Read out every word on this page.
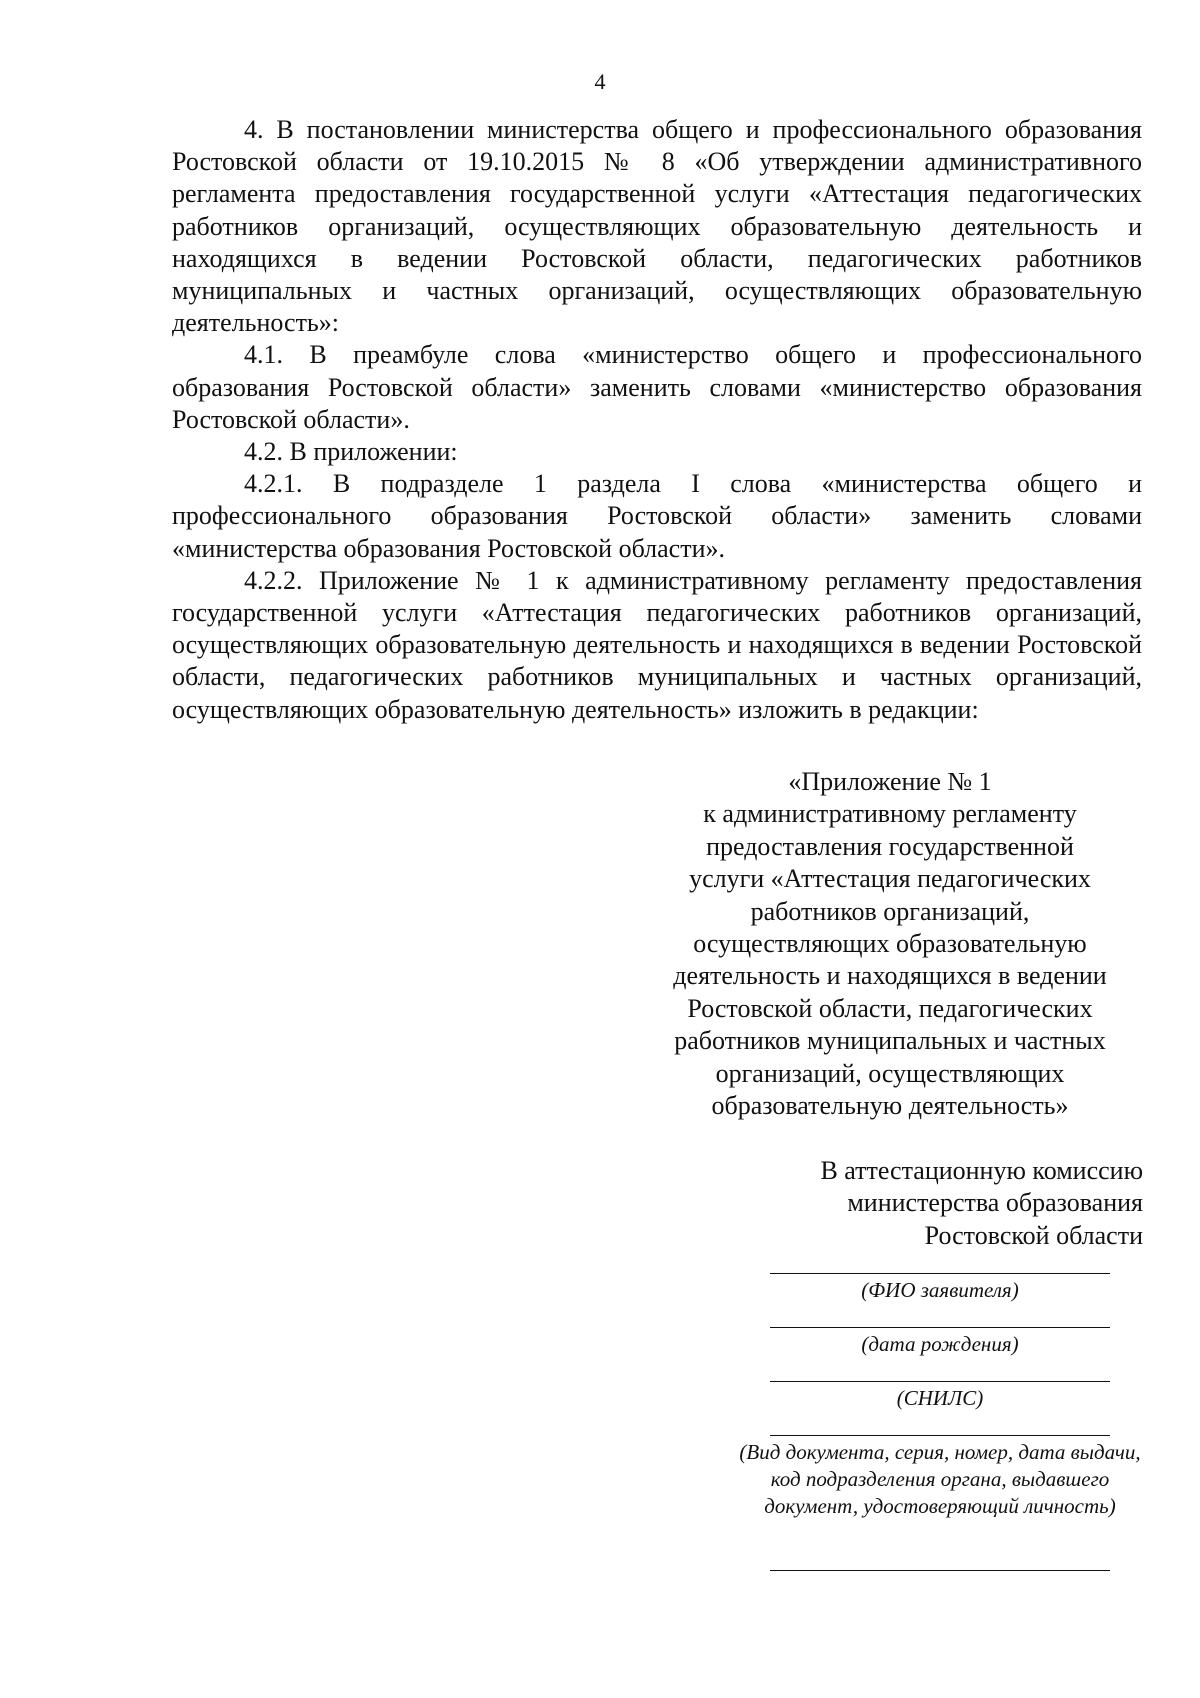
4

4. В постановлении министерства общего и профессионального образования Ростовской области от 19.10.2015 № 8 «Об утверждении административного регламента предоставления государственной услуги «Аттестация педагогических работников организаций, осуществляющих образовательную деятельность и находящихся в ведении Ростовской области, педагогических работников муниципальных и частных организаций, осуществляющих образовательную деятельность»:

4.1. В преамбуле слова «министерство общего и профессионального образования Ростовской области» заменить словами «министерство образования Ростовской области».

4.2. В приложении:

4.2.1. В подразделе 1 раздела I слова «министерства общего и профессионального образования Ростовской области» заменить словами «министерства образования Ростовской области».

4.2.2. Приложение № 1 к административному регламенту предоставления государственной услуги «Аттестация педагогических работников организаций, осуществляющих образовательную деятельность и находящихся в ведении Ростовской области, педагогических работников муниципальных и частных организаций, осуществляющих образовательную деятельность» изложить в редакции:

«Приложение № 1
к административному регламенту
предоставления государственной
услуги «Аттестация педагогических
работников организаций,
осуществляющих образовательную
деятельность и находящихся в ведении
Ростовской области, педагогических
работников муниципальных и частных
организаций, осуществляющих
образовательную деятельность»
В аттестационную комиссию
министерства образования
Ростовской области
(ФИО заявителя)
(дата рождения)
(СНИЛС)
(Вид документа, серия, номер, дата выдачи,
код подразделения органа, выдавшего
документ, удостоверяющий личность)
